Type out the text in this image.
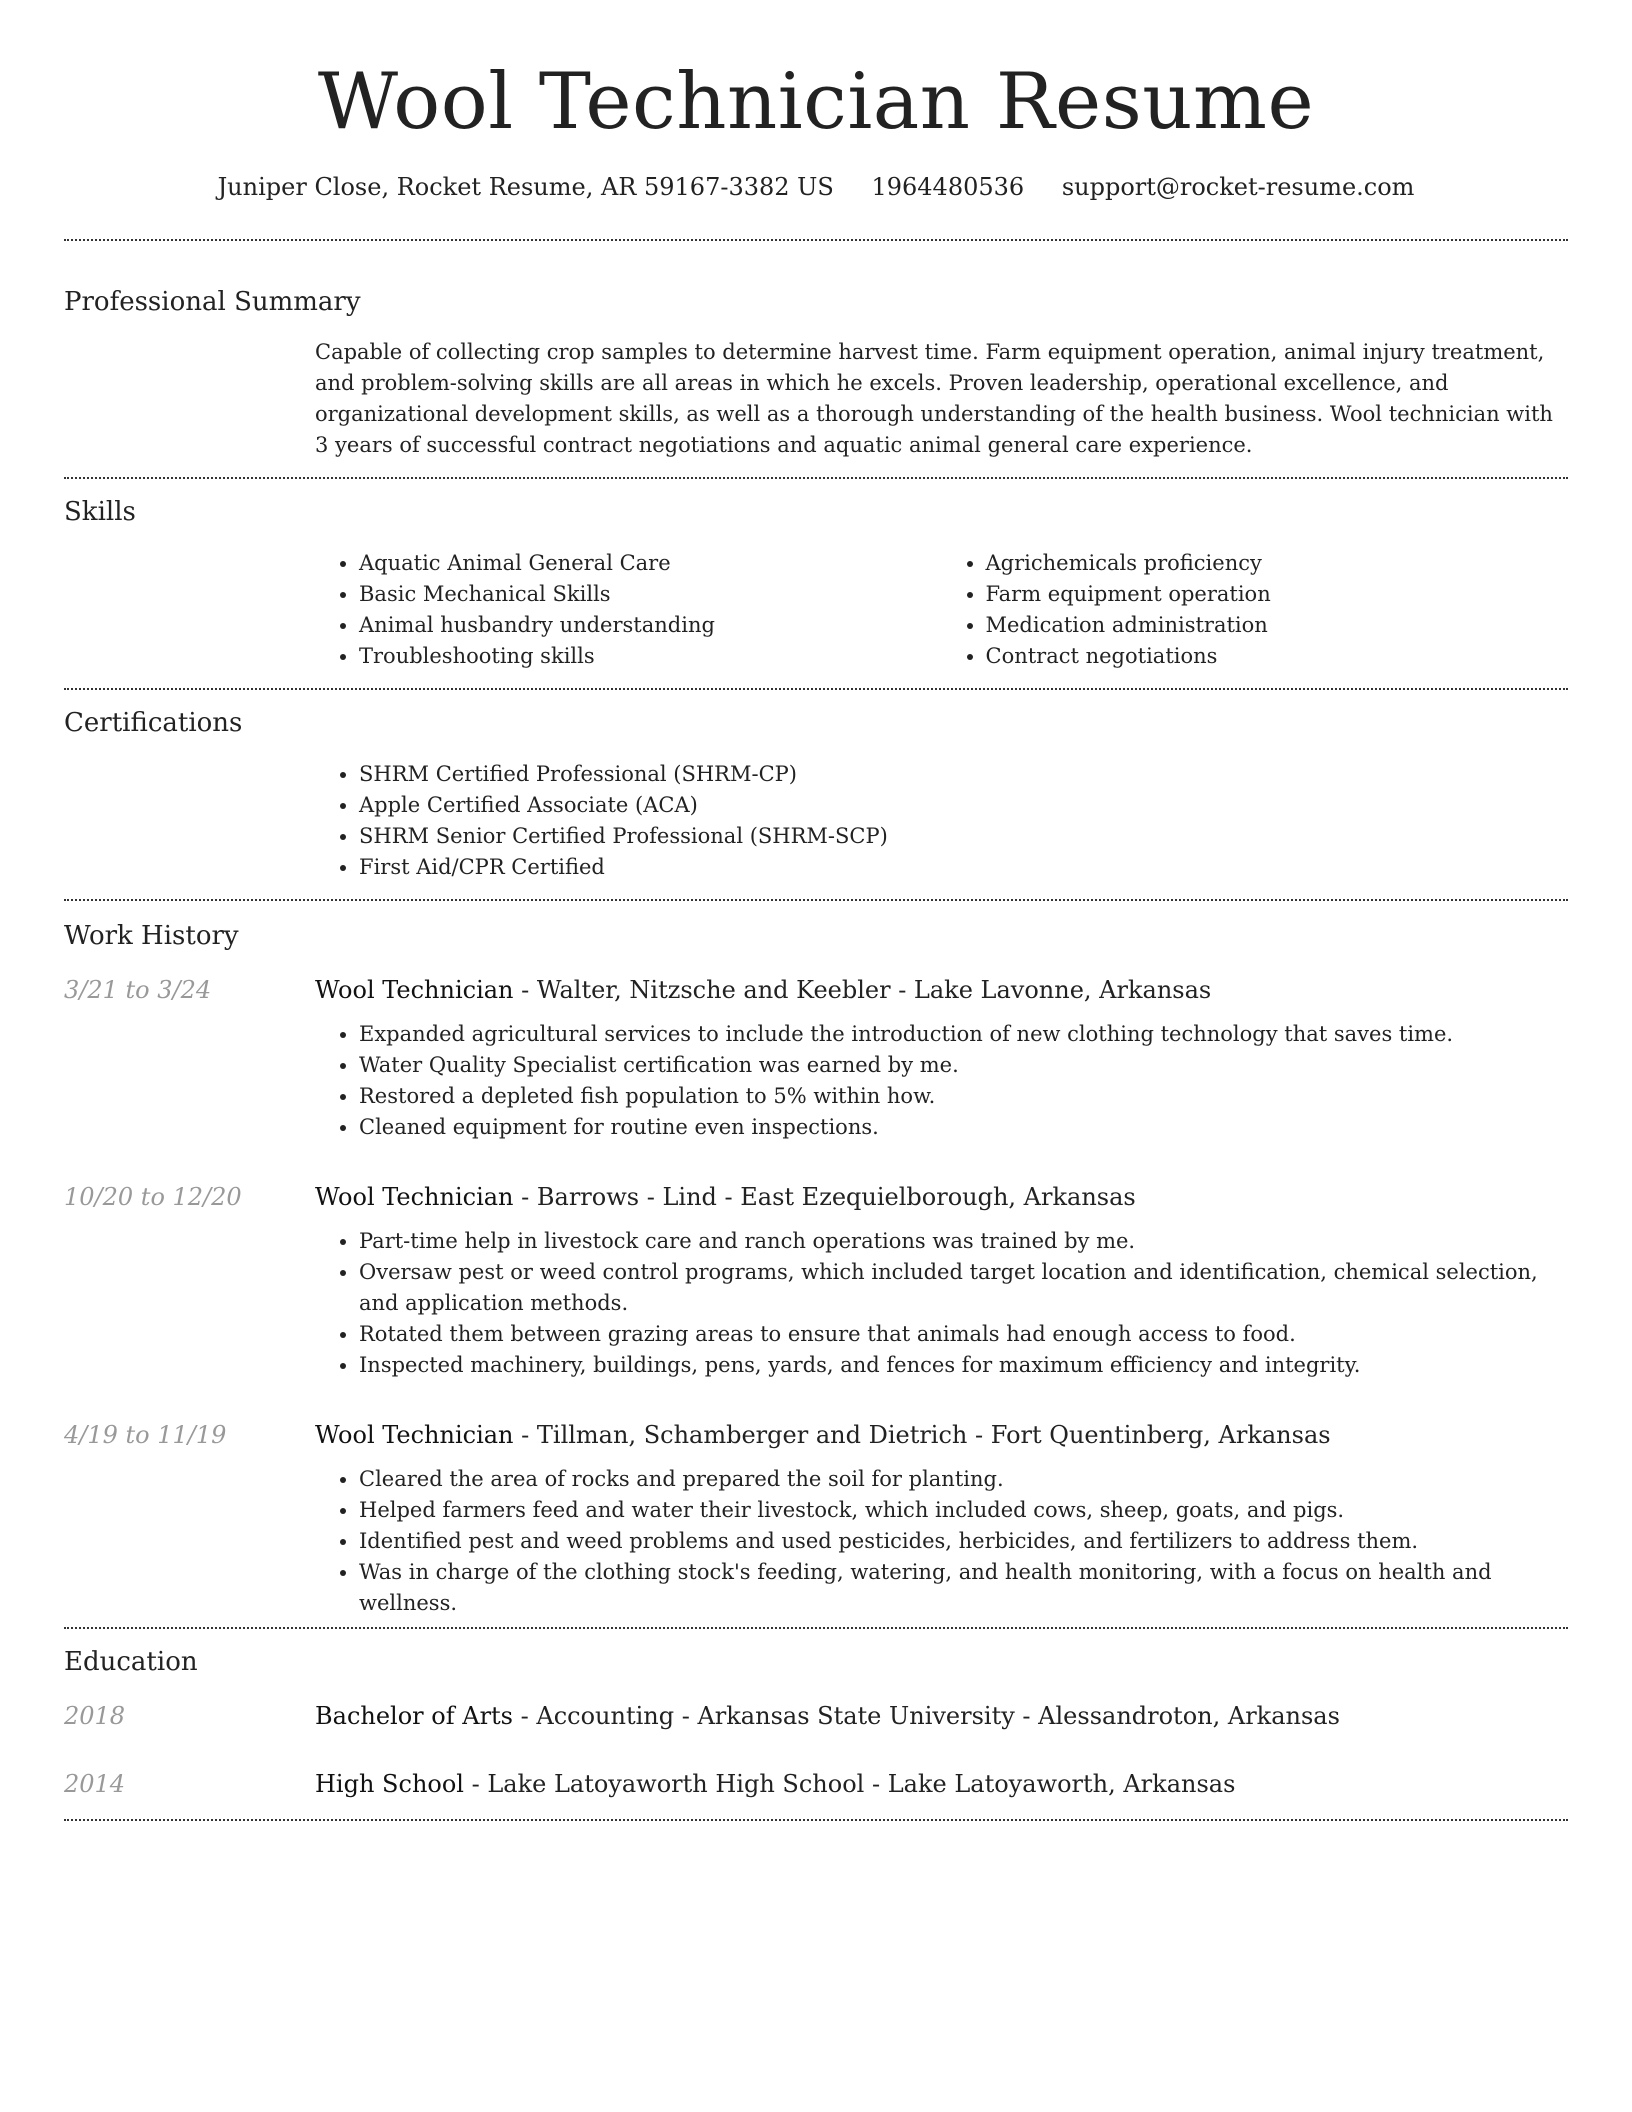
Wool Technician Resume
Juniper Close, Rocket Resume, AR 59167-3382 US 1964480536 support@rocket-resume.com
Professional Summary

Capable of collecting crop samples to determine harvest time. Farm equipment operation, animal injury treatment, and problem-solving skills are all areas in which he excels. Proven leadership, operational excellence, and organizational development skills, as well as a thorough understanding of the health business. Wool technician with 3 years of successful contract negotiations and aquatic animal general care experience.

Skills
• Aquatic Animal General Care
• Basic Mechanical Skills
• Animal husbandry understanding
• Troubleshooting skills
• Agrichemicals proficiency
• Farm equipment operation
• Medication administration
• Contract negotiations
Certifications
• SHRM Certified Professional (SHRM-CP)
• Apple Certified Associate (ACA)
• SHRM Senior Certified Professional (SHRM-SCP)
• First Aid/CPR Certified
Work History
3/21 to 3/24	Wool Technician - Walter, Nitzsche and Keebler - Lake Lavonne, Arkansas
• Expanded agricultural services to include the introduction of new clothing technology that saves time.
• Water Quality Specialist certification was earned by me.
• Restored a depleted fish population to 5% within how.
• Cleaned equipment for routine even inspections.
10/20 to 12/20	Wool Technician - Barrows - Lind - East Ezequielborough, Arkansas
• Part-time help in livestock care and ranch operations was trained by me.
• Oversaw pest or weed control programs, which included target location and identification, chemical selection, and application methods.
• Rotated them between grazing areas to ensure that animals had enough access to food.
• Inspected machinery, buildings, pens, yards, and fences for maximum efficiency and integrity.
4/19 to 11/19	Wool Technician - Tillman, Schamberger and Dietrich - Fort Quentinberg, Arkansas
• Cleared the area of rocks and prepared the soil for planting.
• Helped farmers feed and water their livestock, which included cows, sheep, goats, and pigs.
• Identified pest and weed problems and used pesticides, herbicides, and fertilizers to address them.
• Was in charge of the clothing stock's feeding, watering, and health monitoring, with a focus on health and wellness.
Education
2018	Bachelor of Arts - Accounting - Arkansas State University - Alessandroton, Arkansas
2014	High School - Lake Latoyaworth High School - Lake Latoyaworth, Arkansas
